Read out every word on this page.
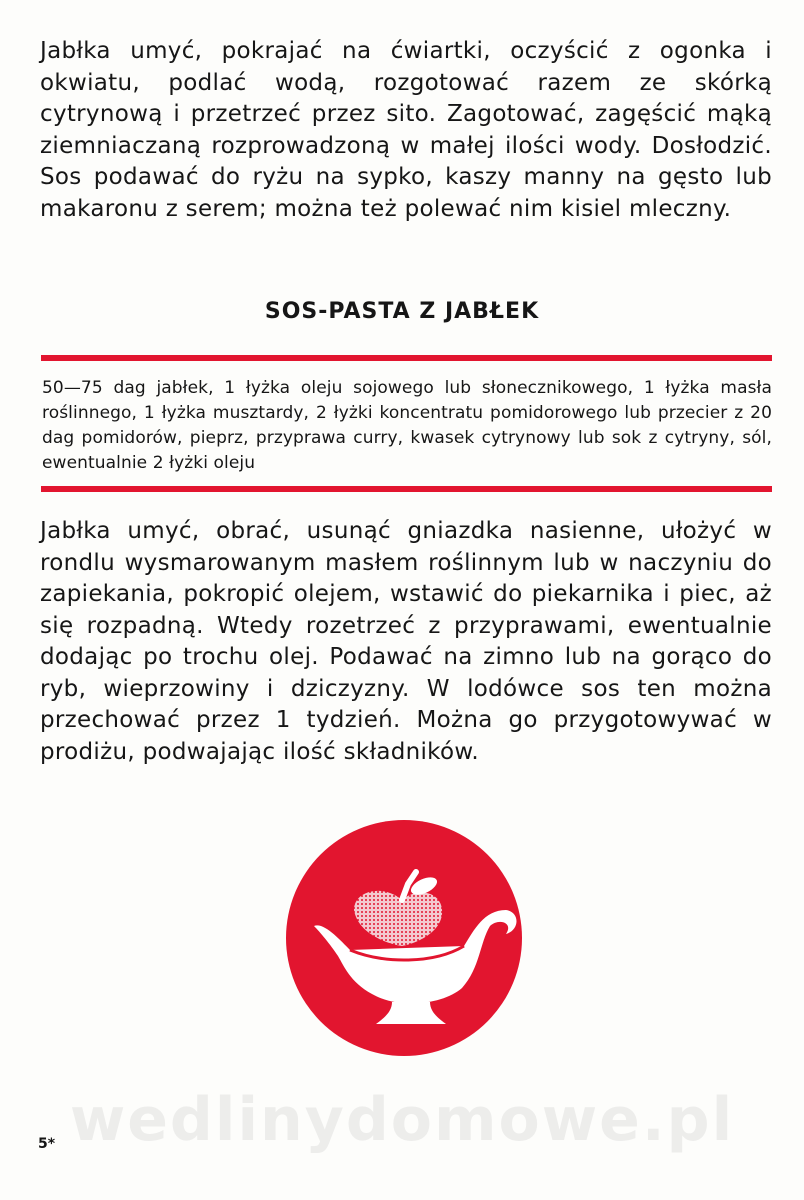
Jabłka umyć, pokrajać na ćwiartki, oczyścić z ogonka i okwiatu, podlać wodą, rozgotować razem ze skórką cytrynową i przetrzeć przez sito. Zagotować, zagęścić mąką ziemniaczaną rozprowadzoną w małej ilości wody. Dosłodzić. Sos podawać do ryżu na sypko, kaszy manny na gęsto lub makaronu z serem; można też polewać nim kisiel mleczny.

SOS-PASTA Z JABŁEK

50—75 dag jabłek, 1 łyżka oleju sojowego lub słonecznikowego, 1 łyżka masła roślinnego, 1 łyżka musztardy, 2 łyżki koncentratu pomidorowego lub przecier z 20 dag pomidorów, pieprz, przyprawa curry, kwasek cytrynowy lub sok z cytryny, sól, ewentualnie 2 łyżki oleju

Jabłka umyć, obrać, usunąć gniazdka nasienne, ułożyć w rondlu wysmarowanym masłem roślinnym lub w naczyniu do zapiekania, pokropić olejem, wstawić do piekarnika i piec, aż się rozpadną. Wtedy rozetrzeć z przyprawami, ewentualnie dodając po trochu olej. Podawać na zimno lub na gorąco do ryb, wieprzowiny i dziczyzny. W lodówce sos ten można przechować przez 1 tydzień. Można go przygotowywać w prodiżu, podwajając ilość składników.

wedlinydomowe.pl
5*
